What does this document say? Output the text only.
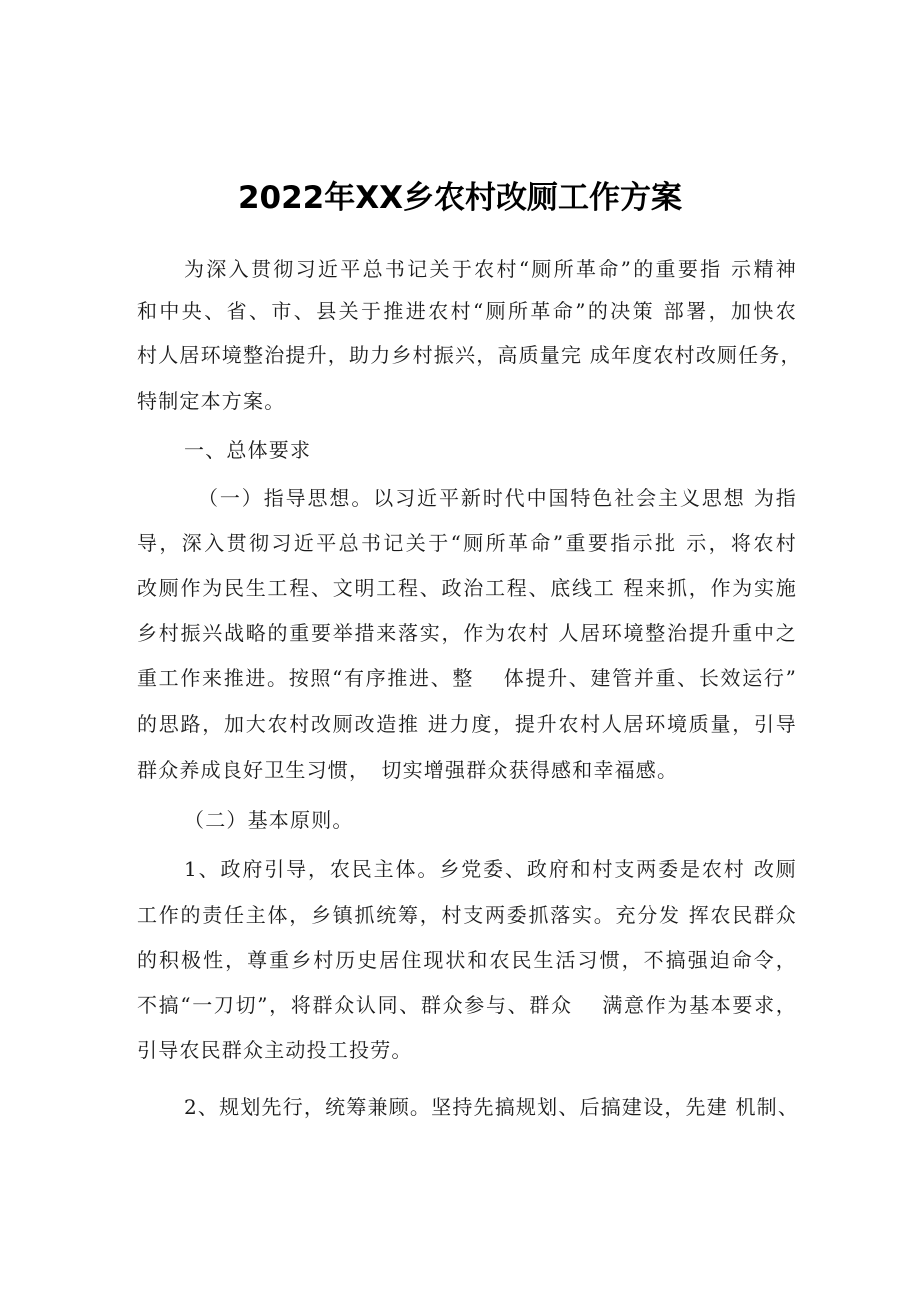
2022年XX乡农村改厕工作方案
为深入贯彻习近平总书记关于农村“厕所革命”的重要指 示精神
和中央、省、市、县关于推进农村“厕所革命”的决策 部署，加快农
村人居环境整治提升，助力乡村振兴，高质量完 成年度农村改厕任务，
特制定本方案。
一、总体要求
（一）指导思想。以习近平新时代中国特色社会主义思想 为指
导，深入贯彻习近平总书记关于“厕所革命”重要指示批 示，将农村
改厕作为民生工程、文明工程、政治工程、底线工 程来抓，作为实施
乡村振兴战略的重要举措来落实，作为农村 人居环境整治提升重中之
重工作来推进。按照“有序推进、整　 体提升、建管并重、长效运行”
的思路，加大农村改厕改造推 进力度，提升农村人居环境质量，引导
群众养成良好卫生习惯，　切实增强群众获得感和幸福感。
（二）基本原则。
1、政府引导，农民主体。乡党委、政府和村支两委是农村 改厕
工作的责任主体，乡镇抓统筹，村支两委抓落实。充分发 挥农民群众
的积极性，尊重乡村历史居住现状和农民生活习惯，不搞强迫命令，
不搞“一刀切”，将群众认同、群众参与、群众　 满意作为基本要求，
引导农民群众主动投工投劳。
2、规划先行，统筹兼顾。坚持先搞规划、后搞建设，先建 机制、
